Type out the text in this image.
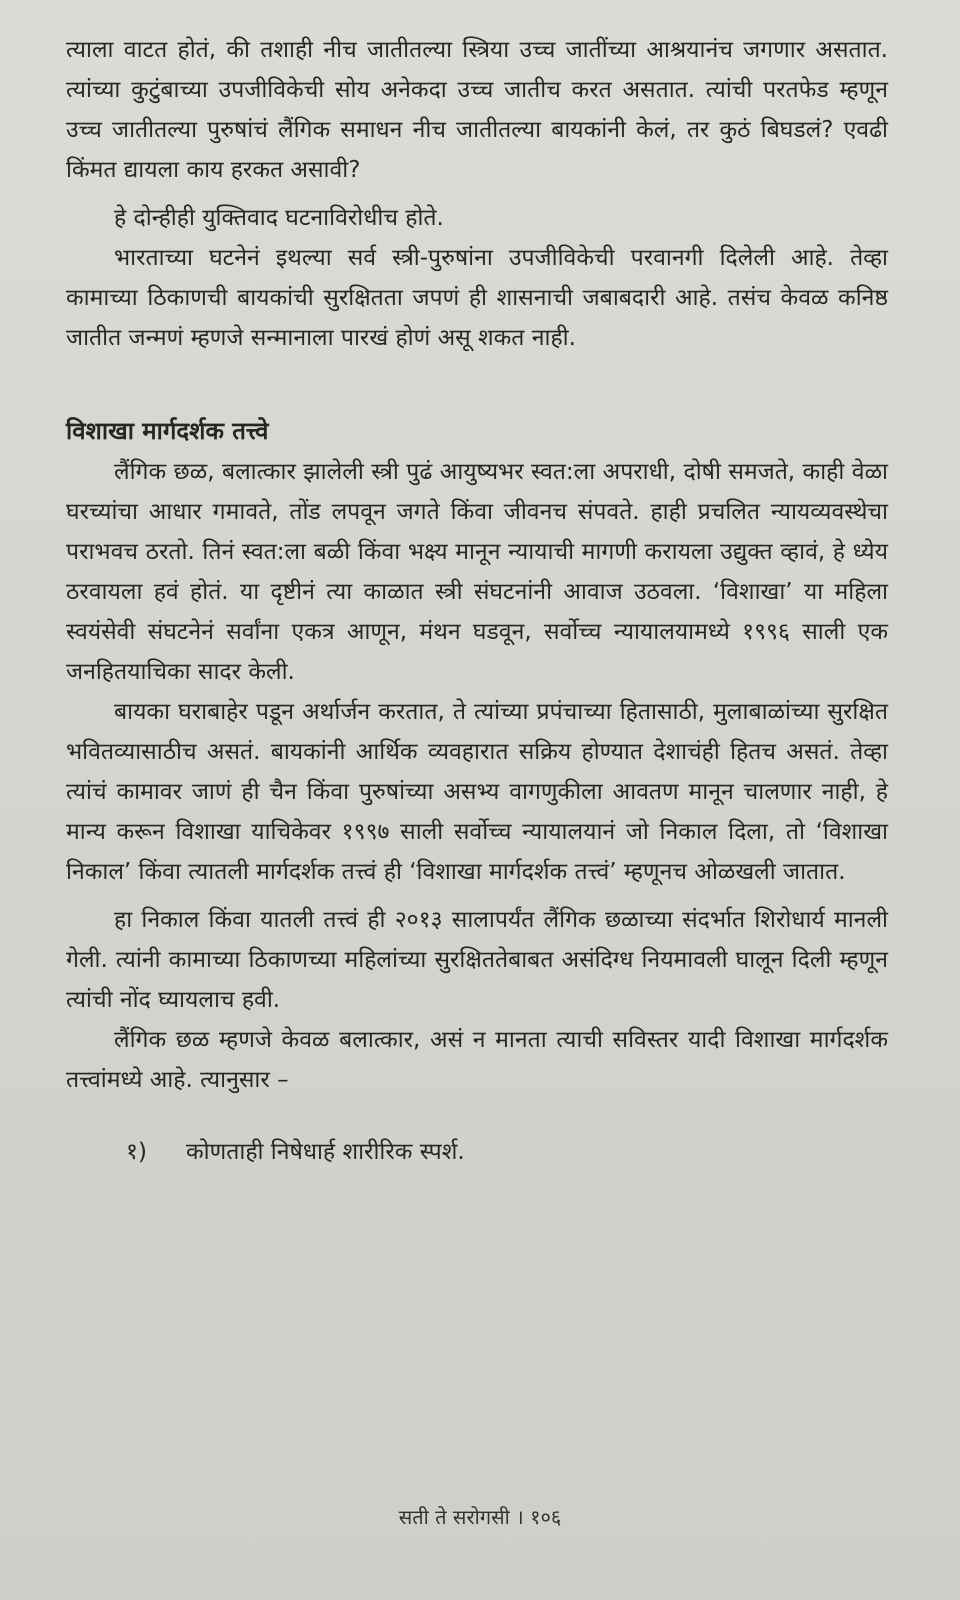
त्याला वाटत होतं, की तशाही नीच जातीतल्या स्त्रिया उच्च जातींच्या आश्रयानंच जगणार असतात. त्यांच्या कुटुंबाच्या उपजीविकेची सोय अनेकदा उच्च जातीच करत असतात. त्यांची परतफेड म्हणून उच्च जातीतल्या पुरुषांचं लैंगिक समाधन नीच जातीतल्या बायकांनी केलं, तर कुठं बिघडलं? एवढी किंमत द्यायला काय हरकत असावी?

हे दोन्हीही युक्तिवाद घटनाविरोधीच होते.

भारताच्या घटनेनं इथल्या सर्व स्त्री-पुरुषांना उपजीविकेची परवानगी दिलेली आहे. तेव्हा कामाच्या ठिकाणची बायकांची सुरक्षितता जपणं ही शासनाची जबाबदारी आहे. तसंच केवळ कनिष्ठ जातीत जन्मणं म्हणजे सन्मानाला पारखं होणं असू शकत नाही.

विशाखा मार्गदर्शक तत्त्वे

लैंगिक छळ, बलात्कार झालेली स्त्री पुढं आयुष्यभर स्वत:ला अपराधी, दोषी समजते, काही वेळा घरच्यांचा आधार गमावते, तोंड लपवून जगते किंवा जीवनच संपवते. हाही प्रचलित न्यायव्यवस्थेचा पराभवच ठरतो. तिनं स्वत:ला बळी किंवा भक्ष्य मानून न्यायाची मागणी करायला उद्युक्त व्हावं, हे ध्येय ठरवायला हवं होतं. या दृष्टीनं त्या काळात स्त्री संघटनांनी आवाज उठवला. ‘विशाखा’ या महिला स्वयंसेवी संघटनेनं सर्वांना एकत्र आणून, मंथन घडवून, सर्वोच्च न्यायालयामध्ये १९९६ साली एक जनहितयाचिका सादर केली.

बायका घराबाहेर पडून अर्थार्जन करतात, ते त्यांच्या प्रपंचाच्या हितासाठी, मुलाबाळांच्या सुरक्षित भवितव्यासाठीच असतं. बायकांनी आर्थिक व्यवहारात सक्रिय होण्यात देशाचंही हितच असतं. तेव्हा त्यांचं कामावर जाणं ही चैन किंवा पुरुषांच्या असभ्य वागणुकीला आवतण मानून चालणार नाही, हे मान्य करून विशाखा याचिकेवर १९९७ साली सर्वोच्च न्यायालयानं जो निकाल दिला, तो ‘विशाखा निकाल’ किंवा त्यातली मार्गदर्शक तत्त्वं ही ‘विशाखा मार्गदर्शक तत्त्वं’ म्हणूनच ओळखली जातात.

हा निकाल किंवा यातली तत्त्वं ही २०१३ सालापर्यंत लैंगिक छळाच्या संदर्भात शिरोधार्य मानली गेली. त्यांनी कामाच्या ठिकाणच्या महिलांच्या सुरक्षिततेबाबत असंदिग्ध नियमावली घालून दिली म्हणून त्यांची नोंद घ्यायलाच हवी.

लैंगिक छळ म्हणजे केवळ बलात्कार, असं न मानता त्याची सविस्तर यादी विशाखा मार्गदर्शक तत्त्वांमध्ये आहे. त्यानुसार –

१)	कोणताही निषेधार्ह शारीरिक स्पर्श.
सती ते सरोगसी । १०६
